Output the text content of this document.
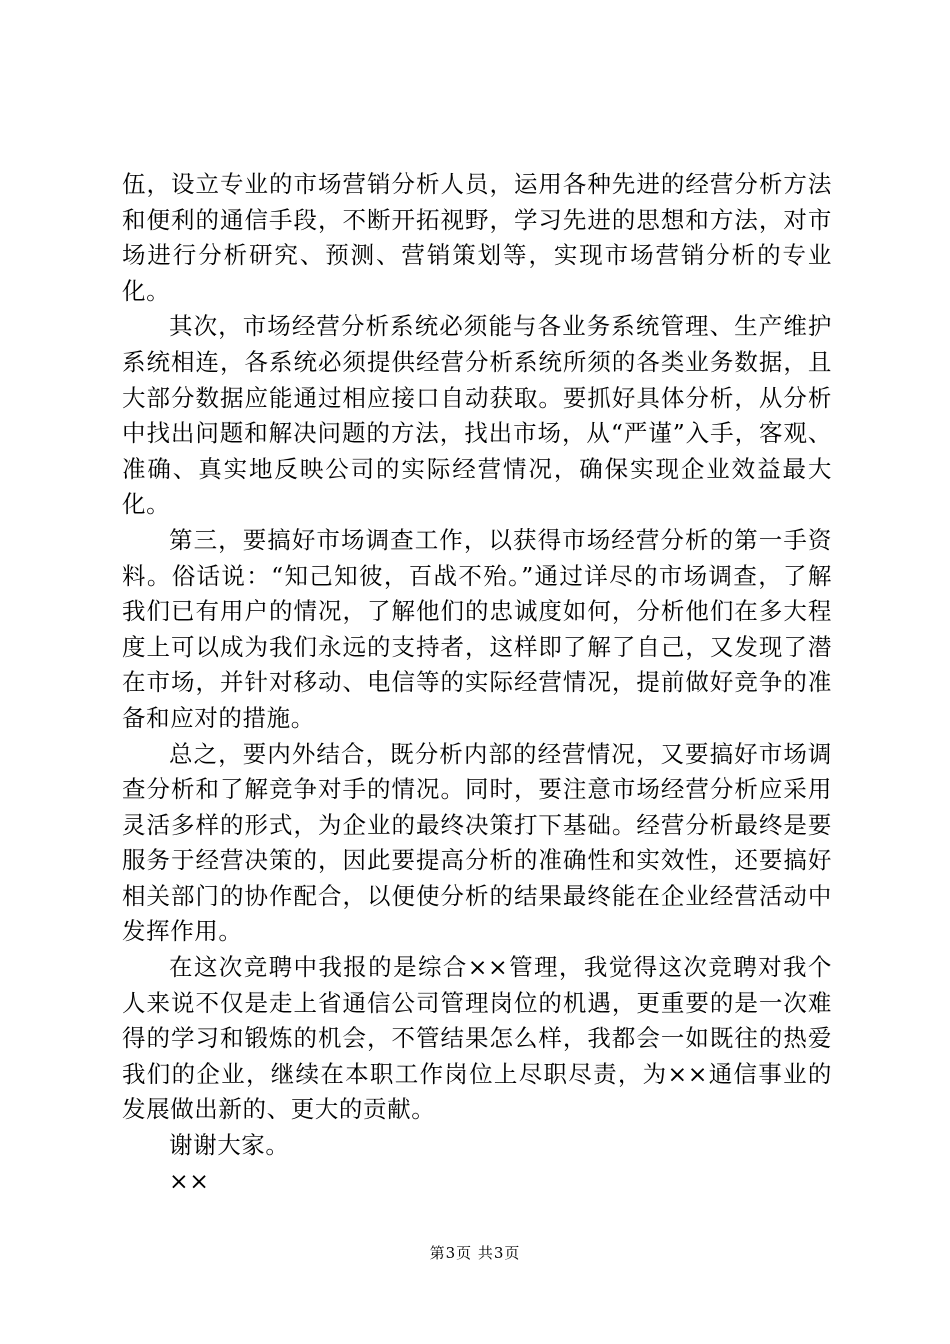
伍，设立专业的市场营销分析人员，运用各种先进的经营分析方法和便利的通信手段，不断开拓视野，学习先进的思想和方法，对市场进行分析研究、预测、营销策划等，实现市场营销分析的专业化。

其次，市场经营分析系统必须能与各业务系统管理、生产维护系统相连，各系统必须提供经营分析系统所须的各类业务数据，且大部分数据应能通过相应接口自动获取。要抓好具体分析，从分析中找出问题和解决问题的方法，找出市场，从“严谨”入手，客观、准确、真实地反映公司的实际经营情况，确保实现企业效益最大化。

第三，要搞好市场调查工作，以获得市场经营分析的第一手资料。俗话说：“知己知彼，百战不殆。”通过详尽的市场调查，了解我们已有用户的情况，了解他们的忠诚度如何，分析他们在多大程度上可以成为我们永远的支持者，这样即了解了自己，又发现了潜在市场，并针对移动、电信等的实际经营情况，提前做好竞争的准备和应对的措施。

总之，要内外结合，既分析内部的经营情况，又要搞好市场调查分析和了解竞争对手的情况。同时，要注意市场经营分析应采用灵活多样的形式，为企业的最终决策打下基础。经营分析最终是要服务于经营决策的，因此要提高分析的准确性和实效性，还要搞好相关部门的协作配合，以便使分析的结果最终能在企业经营活动中发挥作用。

在这次竞聘中我报的是综合××管理，我觉得这次竞聘对我个人来说不仅是走上省通信公司管理岗位的机遇，更重要的是一次难得的学习和锻炼的机会，不管结果怎么样，我都会一如既往的热爱我们的企业，继续在本职工作岗位上尽职尽责，为××通信事业的发展做出新的、更大的贡献。

谢谢大家。

××

第3页 共3页
